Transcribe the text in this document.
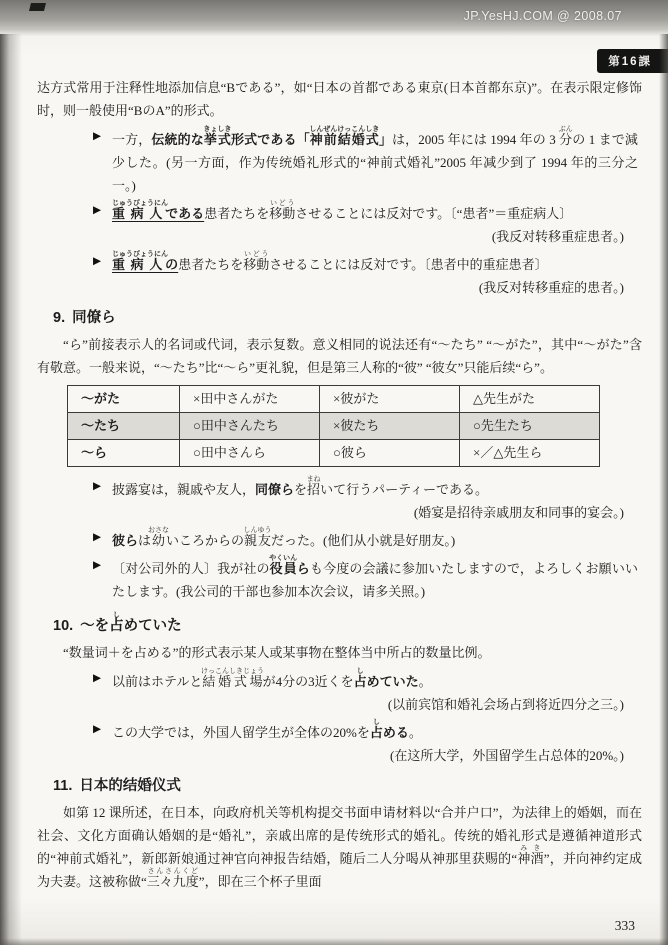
JP.YesHJ.COM @ 2008.07
第16課

达方式常用于注释性地添加信息“Bである”，如“日本の首都である東京(日本首都东京)”。在表示限定修饰时，则一般使用“BのA”的形式。

▶ 一方，伝統的な挙式きょしき形式である「神前結婚式しんぜんけっこんしき」は，2005 年には 1994 年の 3 分ぶんの 1 まで減少した。(另一方面，作为传统婚礼形式的“神前式婚礼”2005 年减少到了 1994 年的三分之一。)
▶ 重病人じゅうびょうにんである患者たちを移動いどうさせることには反対です。〔“患者”＝重症病人〕
(我反对转移重症患者。)
▶ 重病人じゅうびょうにんの患者たちを移動いどうさせることには反対です。〔患者中的重症患者〕
(我反对转移重症的患者。)
9. 同僚ら

“ら”前接表示人的名词或代词，表示复数。意义相同的说法还有“～たち” “～がた”，其中“～がた”含有敬意。一般来说，“～たち”比“～ら”更礼貌，但是第三人称的“彼” “彼女”只能后续“ら”。

～がた	×田中さんがた	×彼がた	△先生がた
～たち	○田中さんたち	×彼たち	○先生たち
～ら	○田中さんら	○彼ら	×／△先生ら
▶ 披露宴は，親戚や友人，同僚らを招まねいて行うパーティーである。
(婚宴是招待亲戚朋友和同事的宴会。)
▶ 彼らは幼おさないころからの親友しんゆうだった。(他们从小就是好朋友。)
▶ 〔对公司外的人〕我が社の役員やくいんらも今度の会議に参加いたしますので，よろしくお願いいたします。(我公司的干部也参加本次会议，请多关照。)
10. ～を占しめていた

“数量词＋を占める”的形式表示某人或某事物在整体当中所占的数量比例。

▶ 以前はホテルと結婚式場けっこんしきじょうが4分の3近くを占しめていた。
(以前宾馆和婚礼会场占到将近四分之三。)
▶ この大学では，外国人留学生が全体の20%を占しめる。
(在这所大学，外国留学生占总体的20%。)
11. 日本的结婚仪式

如第 12 课所述，在日本，向政府机关等机构提交书面申请材料以“合并户口”，为法律上的婚姻，而在社会、文化方面确认婚姻的是“婚礼”，亲戚出席的是传统形式的婚礼。传统的婚礼形式是遵循神道形式的“神前式婚礼”，新郎新娘通过神官向神报告结婚，随后二人分喝从神那里获赐的“神酒みき”，并向神约定成为夫妻。这被称做“三々九度さんさんくど”，即在三个杯子里面

333
